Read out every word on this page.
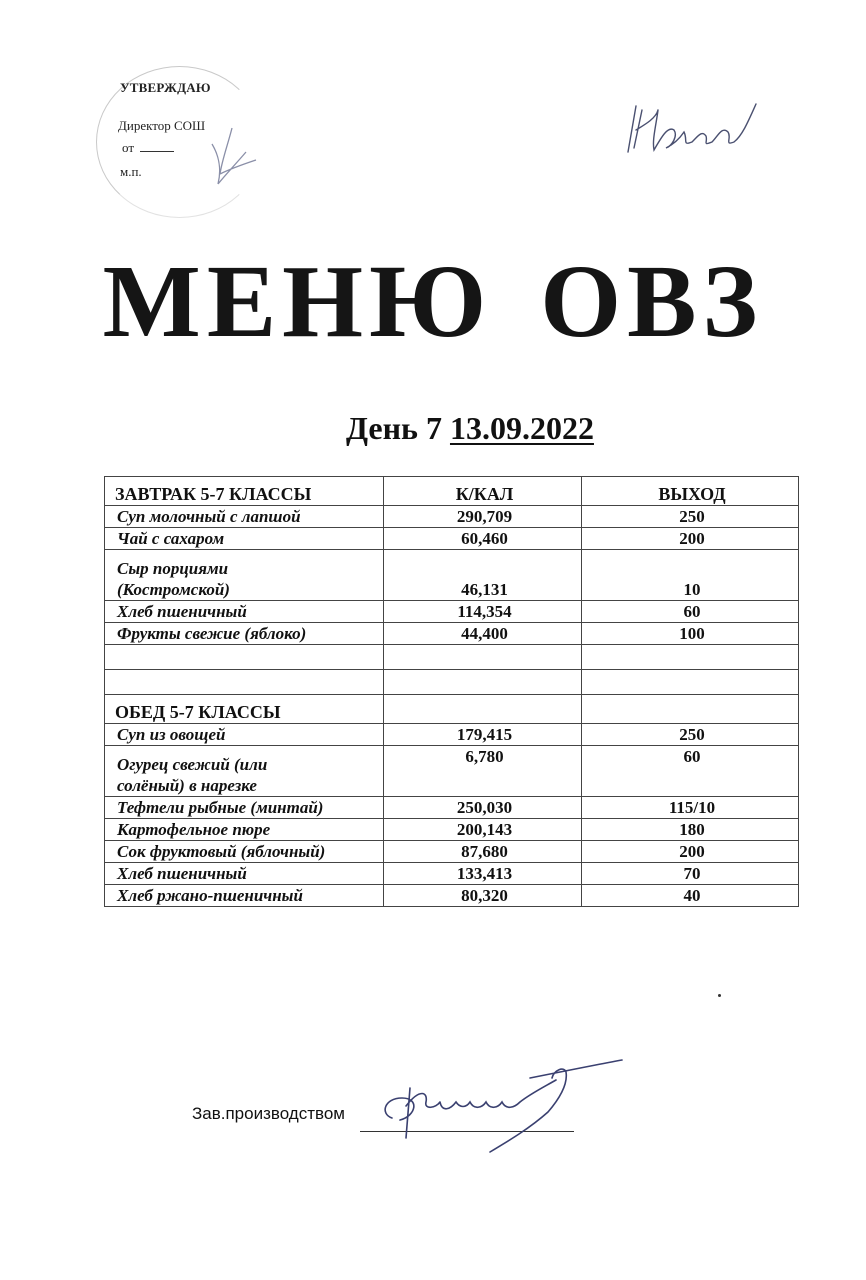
УТВЕРЖДАЮ
Директор СОШ
от
м.п.
МЕНЮ ОВЗ
День 7 13.09.2022
ЗАВТРАК 5-7 КЛАССЫ	К/КАЛ	ВЫХОД
Суп молочный с лапшой	290,709	250
Чай с сахаром	60,460	200

Сыр порциями
(Костромской)	46,131	10
Хлеб пшеничный	114,354	60
Фрукты свежие (яблоко)	44,400	100

ОБЕД 5-7 КЛАССЫ		
Суп из овощей	179,415	250

Огурец свежий (или
солёный) в нарезке	6,780	60
Тефтели рыбные (минтай)	250,030	115/10
Картофельное пюре	200,143	180
Сок фруктовый (яблочный)	87,680	200
Хлеб пшеничный	133,413	70
Хлеб ржано-пшеничный	80,320	40
Зав.производством
